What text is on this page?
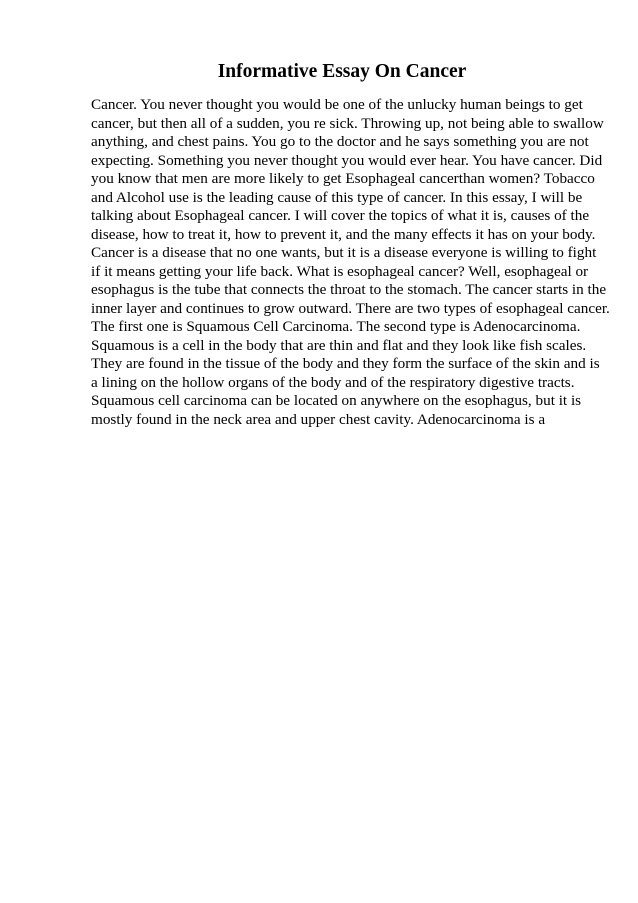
Informative Essay On Cancer
Cancer. You never thought you would be one of the unlucky human beings to get
cancer, but then all of a sudden, you re sick. Throwing up, not being able to swallow
anything, and chest pains. You go to the doctor and he says something you are not
expecting. Something you never thought you would ever hear. You have cancer. Did
you know that men are more likely to get Esophageal cancerthan women? Tobacco
and Alcohol use is the leading cause of this type of cancer. In this essay, I will be
talking about Esophageal cancer. I will cover the topics of what it is, causes of the
disease, how to treat it, how to prevent it, and the many effects it has on your body.
Cancer is a disease that no one wants, but it is a disease everyone is willing to fight
if it means getting your life back. What is esophageal cancer? Well, esophageal or
esophagus is the tube that connects the throat to the stomach. The cancer starts in the
inner layer and continues to grow outward. There are two types of esophageal cancer.
The first one is Squamous Cell Carcinoma. The second type is Adenocarcinoma.
Squamous is a cell in the body that are thin and flat and they look like fish scales.
They are found in the tissue of the body and they form the surface of the skin and is
a lining on the hollow organs of the body and of the respiratory digestive tracts.
Squamous cell carcinoma can be located on anywhere on the esophagus, but it is
mostly found in the neck area and upper chest cavity. Adenocarcinoma is a
